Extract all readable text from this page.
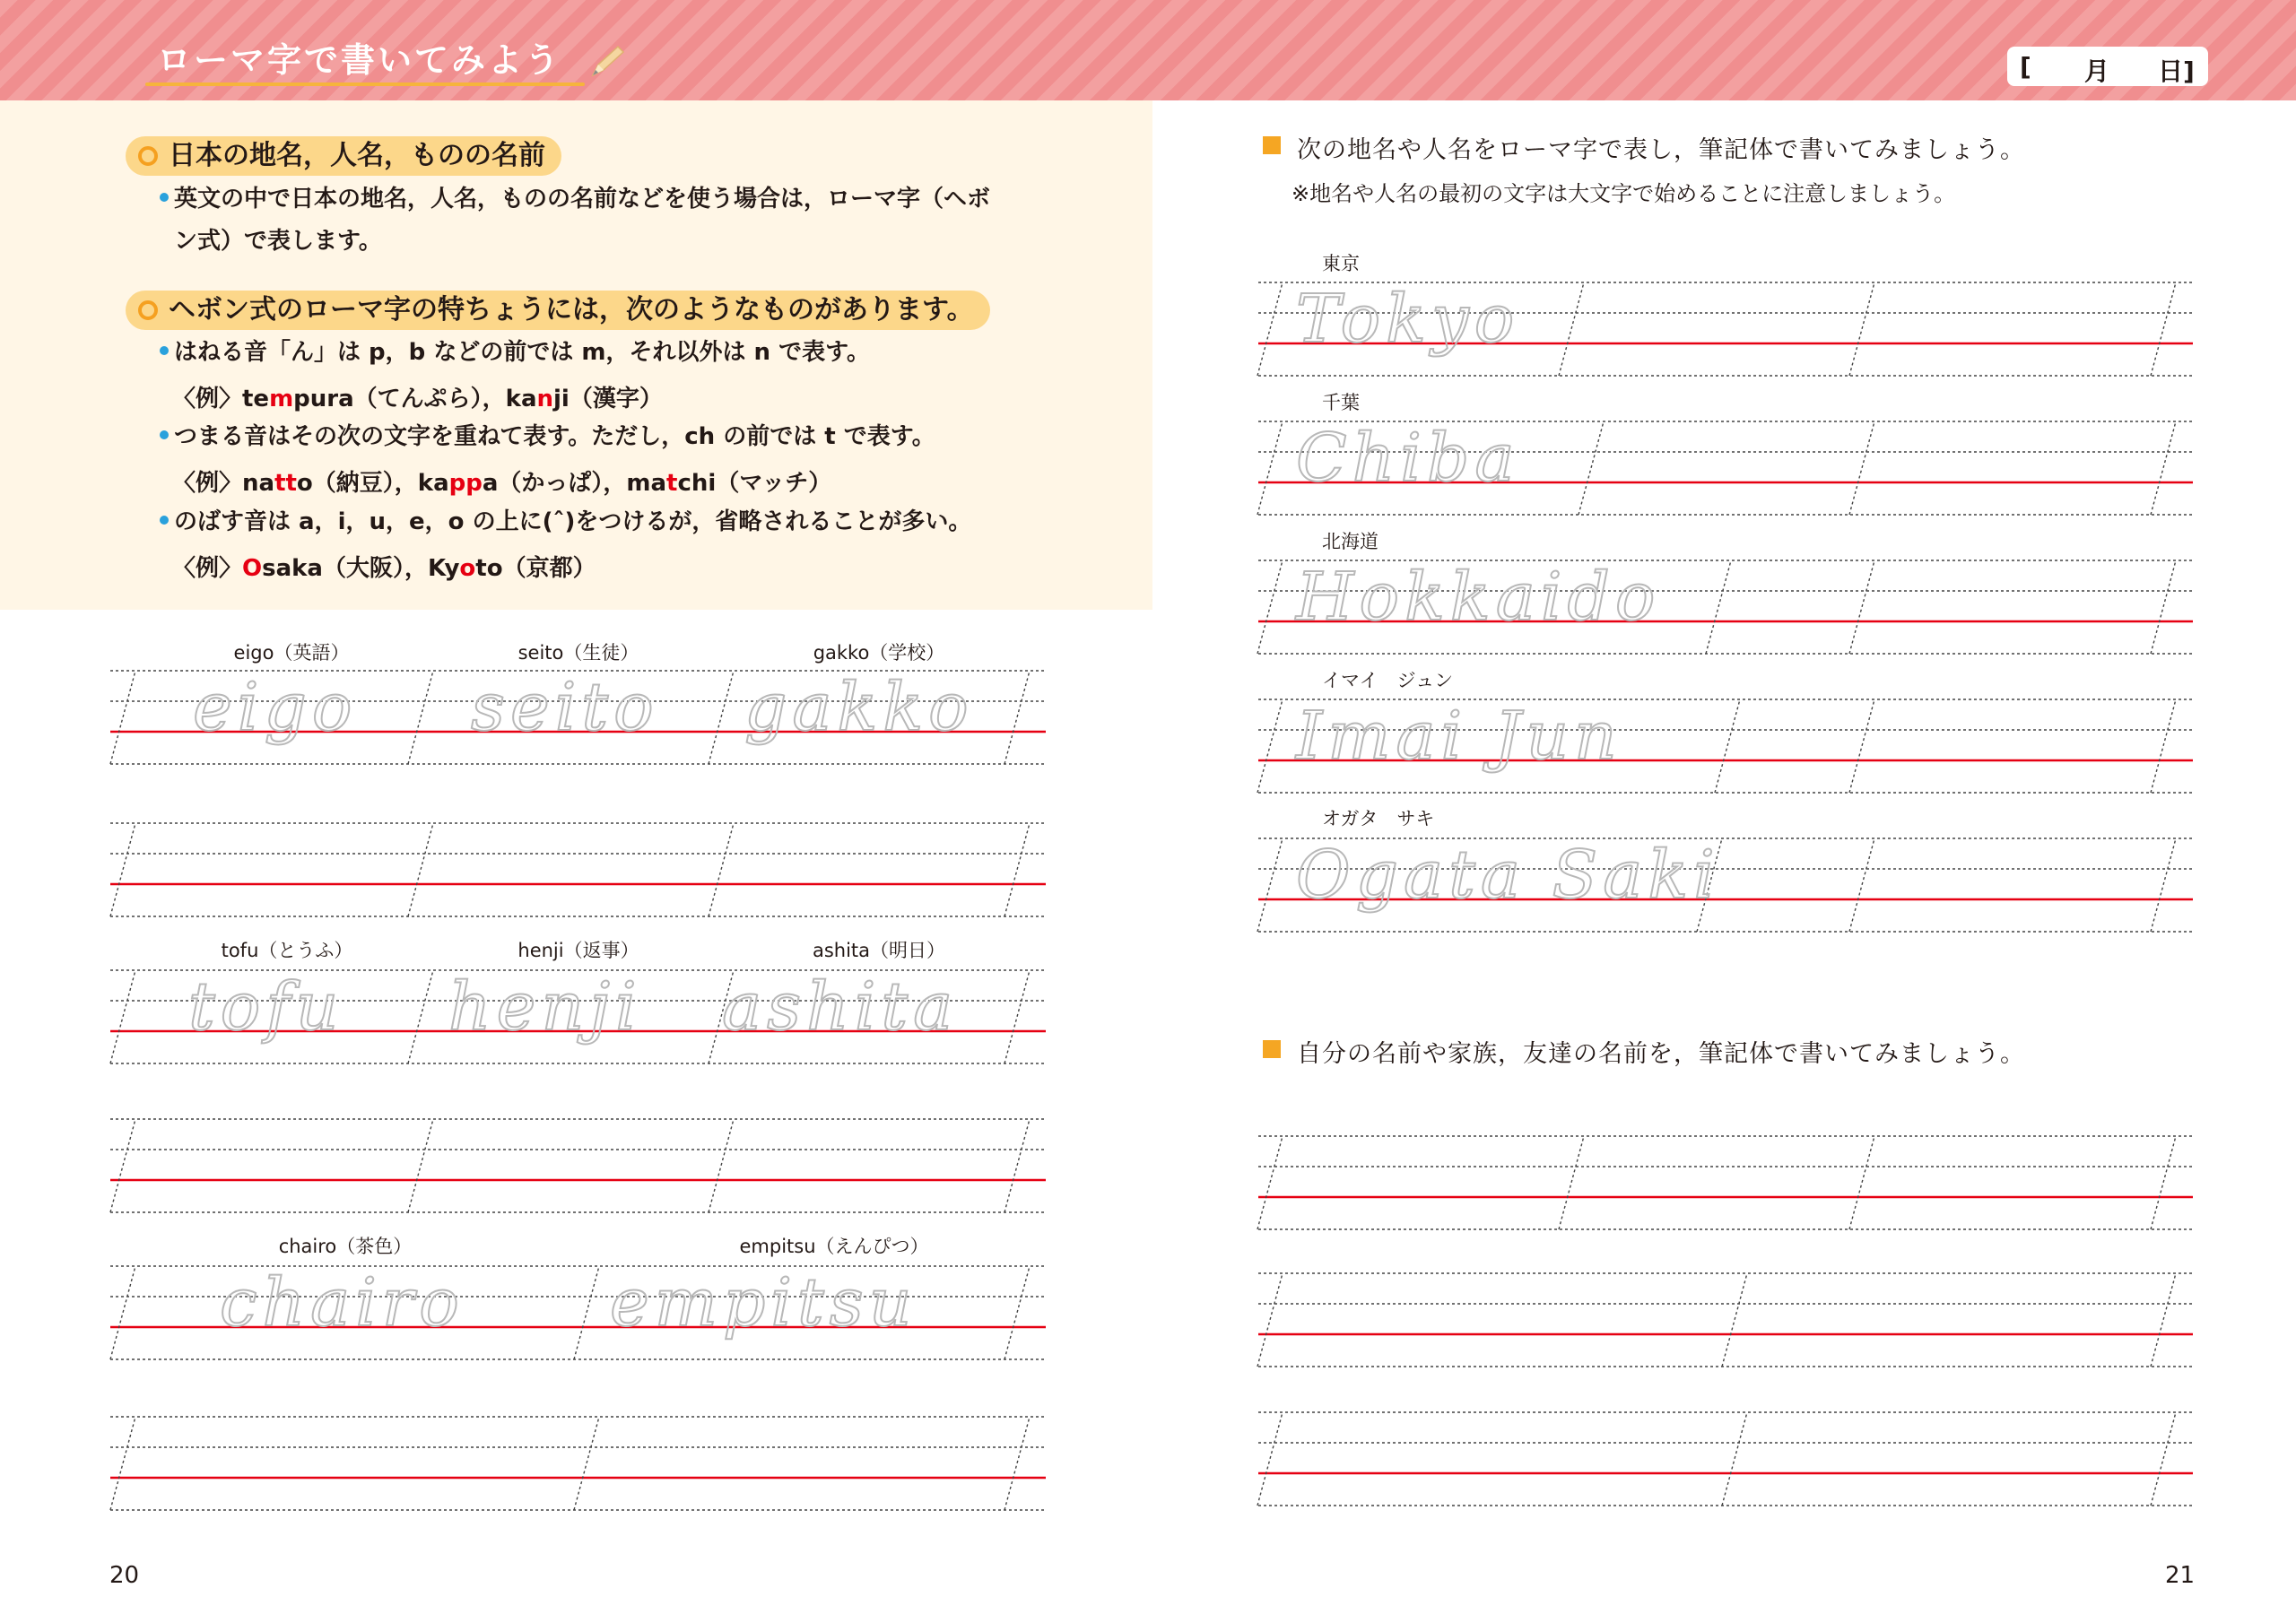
ローマ字で書いてみよう	[ 月 日]
日本の地名，人名，ものの名前
英文の中で日本の地名，人名，ものの名前などを使う場合は，ローマ字（ヘボ
ン式）で表します。
ヘボン式のローマ字の特ちょうには，次のようなものがあります。
はねる音「ん」は p，b などの前では m，それ以外は n で表す。
〈例〉tempura（てんぷら），kanji（漢字）
つまる音はその次の文字を重ねて表す。ただし，ch の前では t で表す。
〈例〉natto（納豆），kappa（かっぱ），matchi（マッチ）
のばす音は a，i，u，e，o の上に(ˆ)をつけるが，省略されることが多い。
〈例〉Osaka（大阪），Kyoto（京都）
eigo（英語）	seito（生徒）	gakko（学校）
tofu（とうふ）	henji（返事）	ashita（明日）
chairo（茶色）	empitsu（えんぴつ）
次の地名や人名をローマ字で表し，筆記体で書いてみましょう。
※地名や人名の最初の文字は大文字で始めることに注意しましょう。
東京
千葉
北海道
イマイ　ジュン
オガタ　サキ
自分の名前や家族，友達の名前を，筆記体で書いてみましょう。
20	21
eigo seito gakko
tofu henji ashita
chairo empitsu
Tokyo
Chiba
Hokkaido
Imai Jun
Ogata Saki
